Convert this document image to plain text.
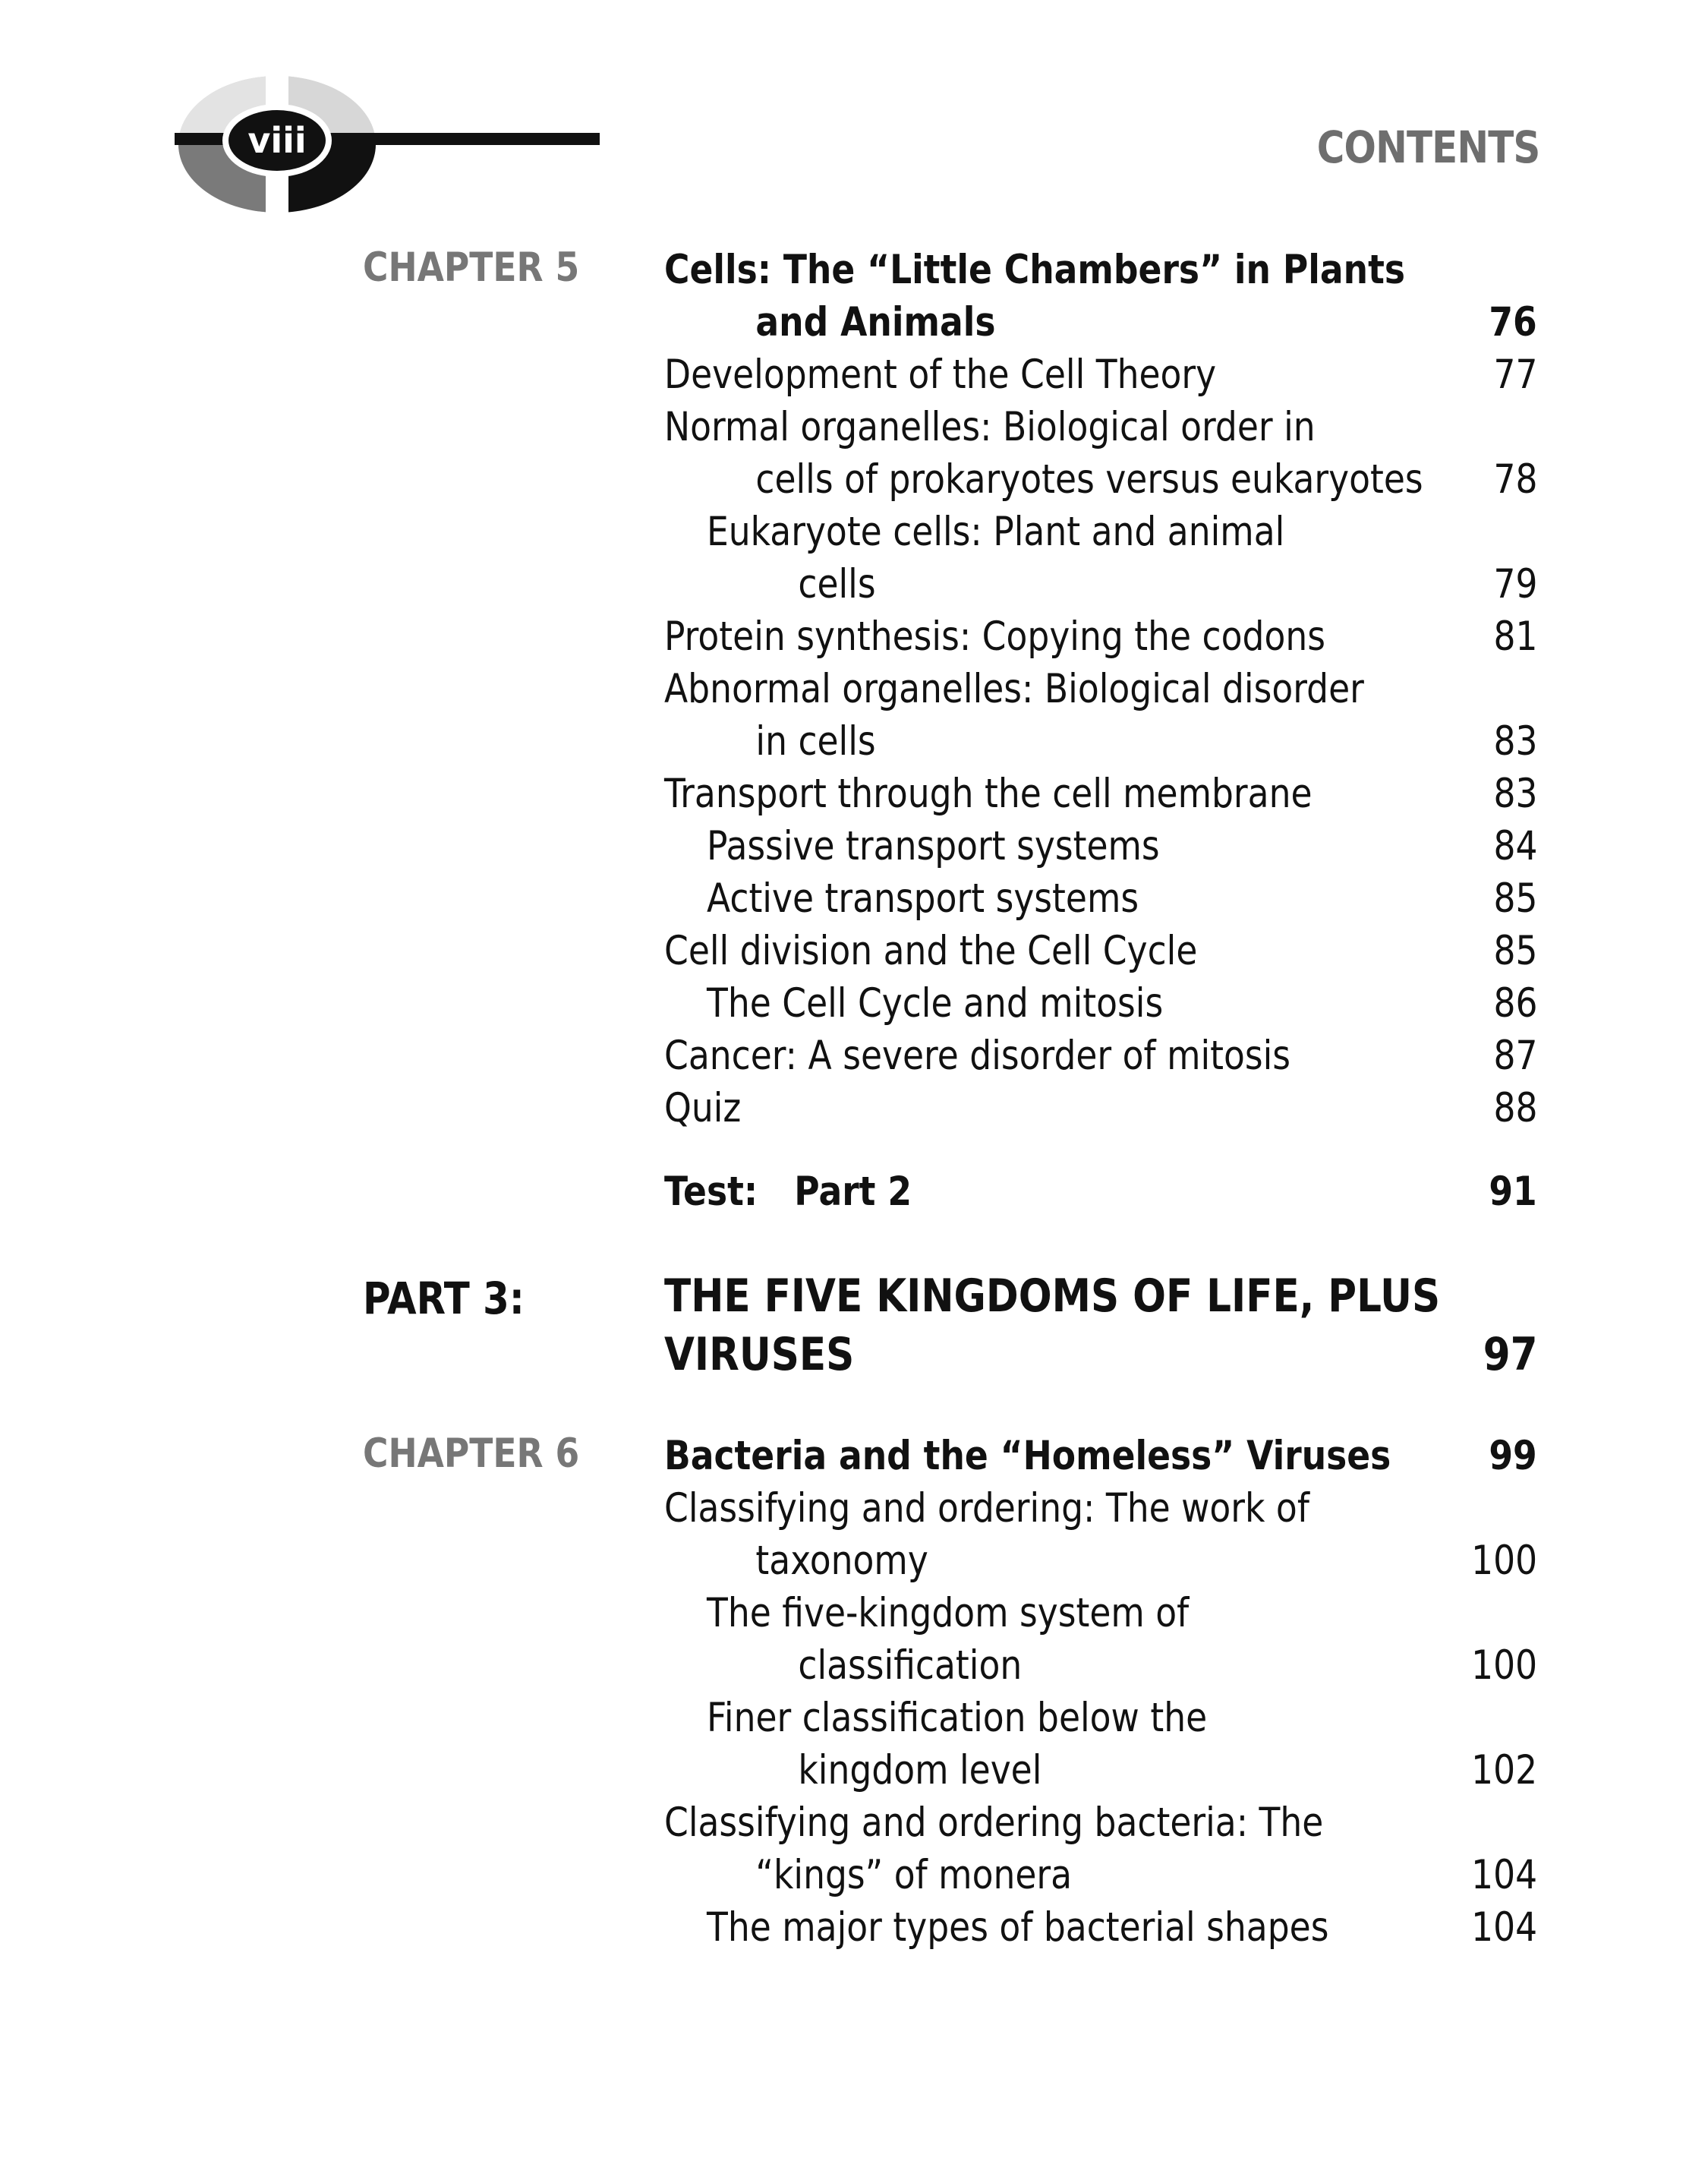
viii	CONTENTS

CHAPTER 5 Cells: The “Little Chambers” in Plants
and Animals	76
Development of the Cell Theory	77
Normal organelles: Biological order in
cells of prokaryotes versus eukaryotes 78
Eukaryote cells: Plant and animal
cells	79
Protein synthesis: Copying the codons	81
Abnormal organelles: Biological disorder
in cells	83
Transport through the cell membrane	83
Passive transport systems	84
Active transport systems	85
Cell division and the Cell Cycle	85
The Cell Cycle and mitosis	86
Cancer: A severe disorder of mitosis	87
Quiz	88
Test: Part 2	91

PART 3:	THE FIVE KINGDOMS OF LIFE, PLUS
VIRUSES	97

CHAPTER 6 Bacteria and the “Homeless” Viruses 99
Classifying and ordering: The work of
taxonomy	100
The five-kingdom system of
classification	100
Finer classification below the
kingdom level	102
Classifying and ordering bacteria: The
“kings” of monera	104
The major types of bacterial shapes	104
